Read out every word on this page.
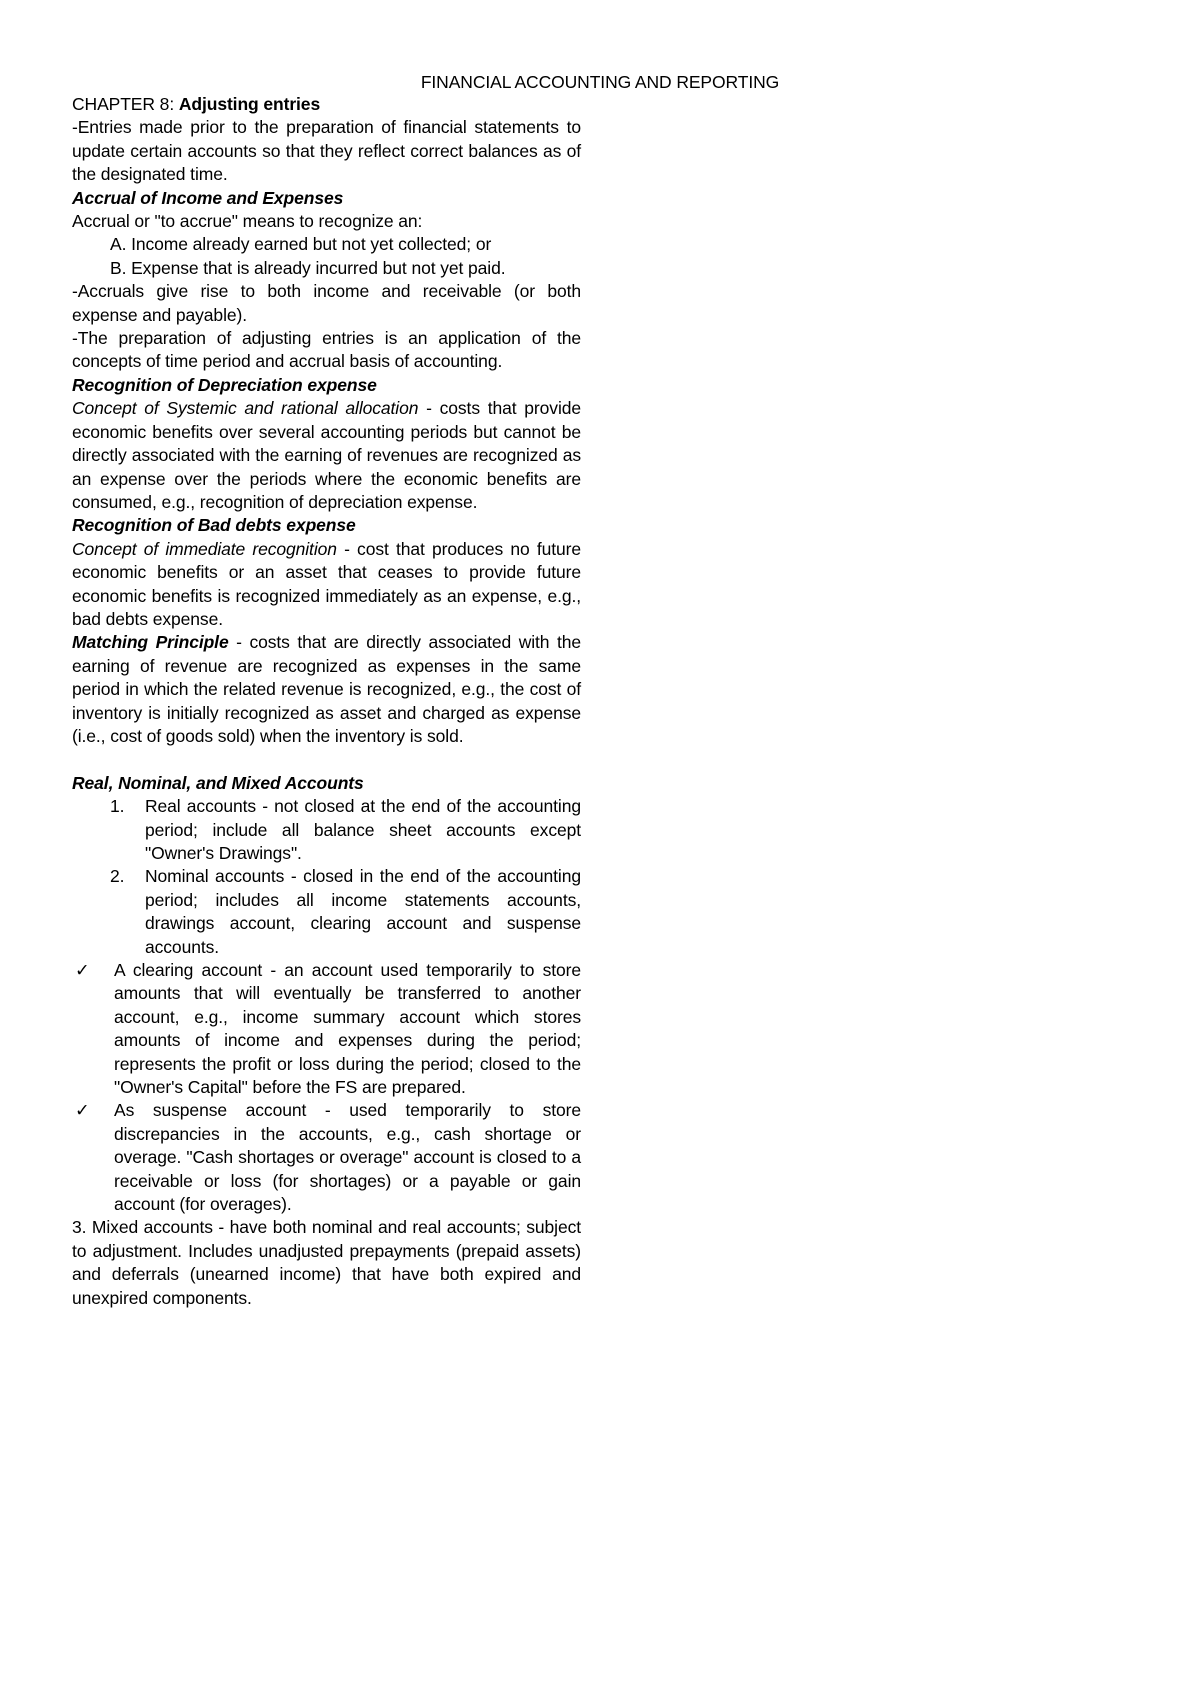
FINANCIAL ACCOUNTING AND REPORTING

CHAPTER 8: Adjusting entries

-Entries made prior to the preparation of financial statements to update certain accounts so that they reflect correct balances as of the designated time.

Accrual of Income and Expenses

Accrual or "to accrue" means to recognize an:

A. Income already earned but not yet collected; or

B. Expense that is already incurred but not yet paid.

-Accruals give rise to both income and receivable (or both expense and payable).

-The preparation of adjusting entries is an application of the concepts of time period and accrual basis of accounting.

Recognition of Depreciation expense

Concept of Systemic and rational allocation - costs that provide economic benefits over several accounting periods but cannot be directly associated with the earning of revenues are recognized as an expense over the periods where the economic benefits are consumed, e.g., recognition of depreciation expense.

Recognition of Bad debts expense

Concept of immediate recognition - cost that produces no future economic benefits or an asset that ceases to provide future economic benefits is recognized immediately as an expense, e.g., bad debts expense.

Matching Principle - costs that are directly associated with the earning of revenue are recognized as expenses in the same period in which the related revenue is recognized, e.g., the cost of inventory is initially recognized as asset and charged as expense (i.e., cost of goods sold) when the inventory is sold.

Real, Nominal, and Mixed Accounts

1.	Real accounts - not closed at the end of the accounting period; include all balance sheet accounts except "Owner's Drawings".
2.	Nominal accounts - closed in the end of the accounting period; includes all income statements accounts, drawings account, clearing account and suspense accounts.
✓	A clearing account - an account used temporarily to store amounts that will eventually be transferred to another account, e.g., income summary account which stores amounts of income and expenses during the period; represents the profit or loss during the period; closed to the "Owner's Capital" before the FS are prepared.
✓	As suspense account - used temporarily to store discrepancies in the accounts, e.g., cash shortage or overage. "Cash shortages or overage" account is closed to a receivable or loss (for shortages) or a payable or gain account (for overages).

3. Mixed accounts - have both nominal and real accounts; subject to adjustment. Includes unadjusted prepayments (prepaid assets) and deferrals (unearned income) that have both expired and unexpired components.
